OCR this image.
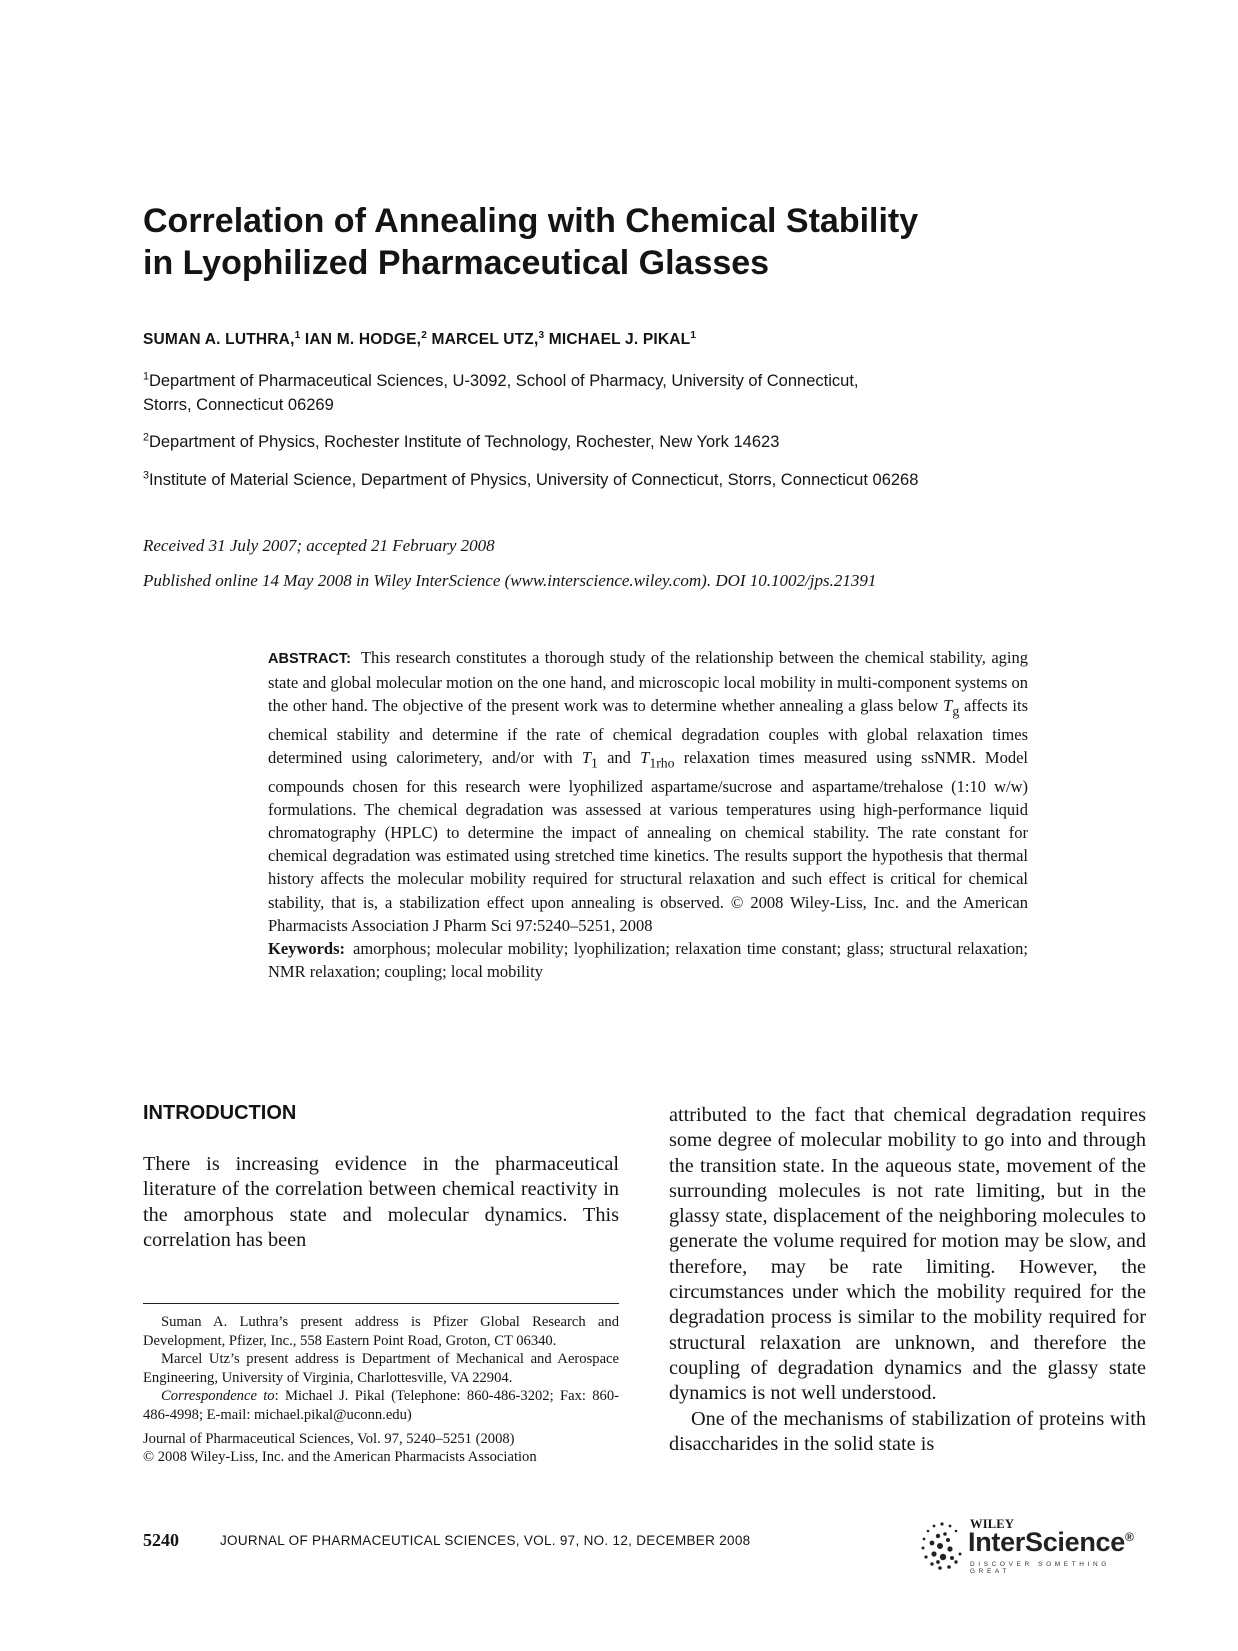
Correlation of Annealing with Chemical Stability
in Lyophilized Pharmaceutical Glasses
SUMAN A. LUTHRA,$^1$ IAN M. HODGE,$^2$ MARCEL UTZ,$^3$ MICHAEL J. PIKAL$^1$
$^1$Department of Pharmaceutical Sciences, U-3092, School of Pharmacy, University of Connecticut,
Storrs, Connecticut 06269
$^2$Department of Physics, Rochester Institute of Technology, Rochester, New York 14623
$^3$Institute of Material Science, Department of Physics, University of Connecticut, Storrs, Connecticut 06268
Received 31 July 2007; accepted 21 February 2008
Published online 14 May 2008 in Wiley InterScience (www.interscience.wiley.com). DOI 10.1002/jps.21391

ABSTRACT: This research constitutes a thorough study of the relationship between the chemical stability, aging state and global molecular motion on the one hand, and microscopic local mobility in multi-component systems on the other hand. The objective of the present work was to determine whether annealing a glass below $T_g$ affects its chemical stability and determine if the rate of chemical degradation couples with global relaxation times determined using calorimetery, and/or with $T_1$ and $T_{1rho}$ relaxation times measured using ssNMR. Model compounds chosen for this research were lyophilized aspartame/sucrose and aspartame/trehalose (1:10 w/w) formulations. The chemical degradation was assessed at various temperatures using high-performance liquid chromatography (HPLC) to determine the impact of annealing on chemical stability. The rate constant for chemical degradation was estimated using stretched time kinetics. The results support the hypothesis that thermal history affects the molecular mobility required for structural relaxation and such effect is critical for chemical stability, that is, a stabilization effect upon annealing is observed. © 2008 Wiley-Liss, Inc. and the American Pharmacists Association J Pharm Sci 97:5240–5251, 2008

Keywords: amorphous; molecular mobility; lyophilization; relaxation time constant; glass; structural relaxation; NMR relaxation; coupling; local mobility

INTRODUCTION

There is increasing evidence in the pharmaceutical literature of the correlation between chemical reactivity in the amorphous state and molecular dynamics. This correlation has been

attributed to the fact that chemical degradation requires some degree of molecular mobility to go into and through the transition state. In the aqueous state, movement of the surrounding molecules is not rate limiting, but in the glassy state, displacement of the neighboring molecules to generate the volume required for motion may be slow, and therefore, may be rate limiting. However, the circumstances under which the mobility required for the degradation process is similar to the mobility required for structural relaxation are unknown, and therefore the coupling of degradation dynamics and the glassy state dynamics is not well understood.

One of the mechanisms of stabilization of proteins with disaccharides in the solid state is

Suman A. Luthra’s present address is Pfizer Global Research and Development, Pfizer, Inc., 558 Eastern Point Road, Groton, CT 06340.

Marcel Utz’s present address is Department of Mechanical and Aerospace Engineering, University of Virginia, Charlottesville, VA 22904.

Correspondence to: Michael J. Pikal (Telephone: 860-486-3202; Fax: 860-486-4998; E-mail: michael.pikal@uconn.edu)

Journal of Pharmaceutical Sciences, Vol. 97, 5240–5251 (2008)

© 2008 Wiley-Liss, Inc. and the American Pharmacists Association

5240	JOURNAL OF PHARMACEUTICAL SCIENCES, VOL. 97, NO. 12, DECEMBER 2008
WILEY
InterScience®
DISCOVER SOMETHING GREAT
